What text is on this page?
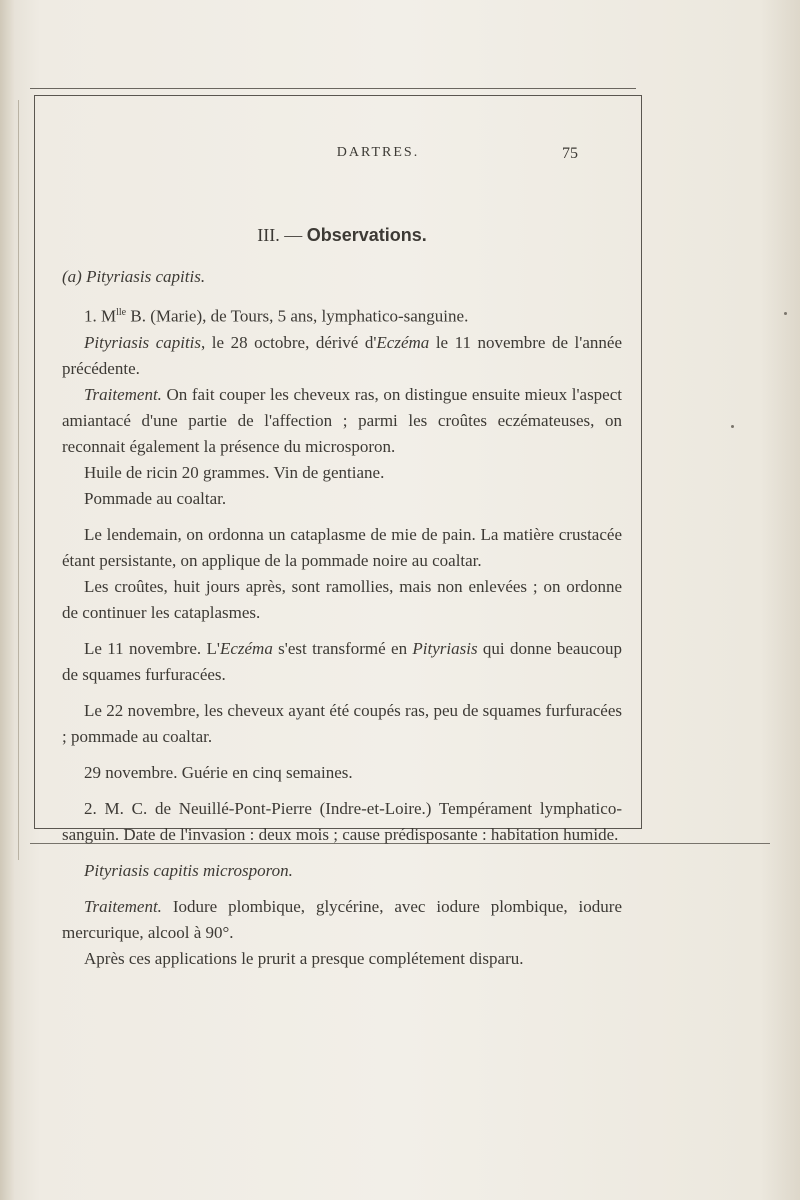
DARTRES.	75
III. — Observations.

(a) Pityriasis capitis.

1. $M^{lle}$ B. (Marie), de Tours, 5 ans, lymphatico-sanguine.

Pityriasis capitis, le 28 octobre, dérivé d'Eczéma le 11 novembre de l'année précédente.

Traitement. On fait couper les cheveux ras, on distingue ensuite mieux l'aspect amiantacé d'une partie de l'affection ; parmi les croûtes eczémateuses, on reconnait également la présence du microsporon.

Huile de ricin 20 grammes. Vin de gentiane.

Pommade au coaltar.

Le lendemain, on ordonna un cataplasme de mie de pain. La matière crustacée étant persistante, on applique de la pommade noire au coaltar.

Les croûtes, huit jours après, sont ramollies, mais non enlevées ; on ordonne de continuer les cataplasmes.

Le 11 novembre. L'Eczéma s'est transformé en Pityriasis qui donne beaucoup de squames furfuracées.

Le 22 novembre, les cheveux ayant été coupés ras, peu de squames furfuracées ; pommade au coaltar.

29 novembre. Guérie en cinq semaines.

2. M. C. de Neuillé-Pont-Pierre (Indre-et-Loire.) Tempérament lymphatico-sanguin. Date de l'invasion : deux mois ; cause prédisposante : habitation humide.

Pityriasis capitis microsporon.

Traitement. Iodure plombique, glycérine, avec iodure plombique, iodure mercurique, alcool à 90°.

Après ces applications le prurit a presque complétement disparu.
